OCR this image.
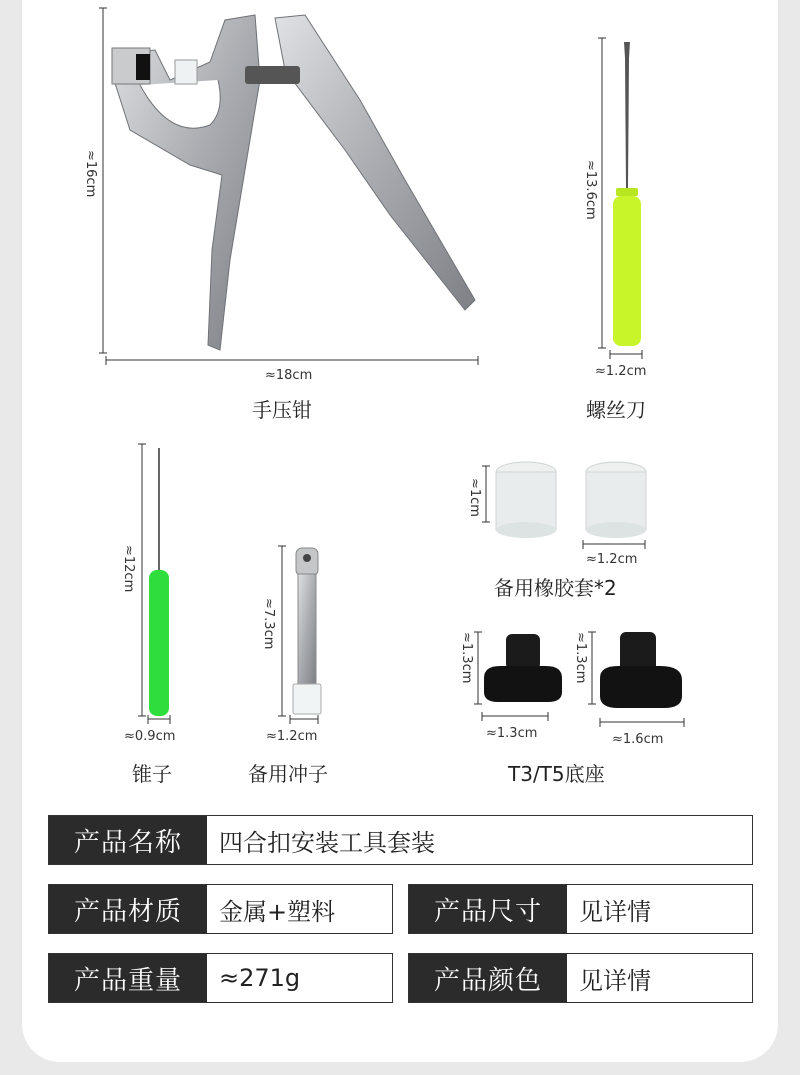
≈16cm
≈18cm
手压钳
≈13.6cm
≈1.2cm
螺丝刀
≈12cm
≈0.9cm
锥子
≈7.3cm
≈1.2cm
备用冲子
≈1cm
≈1.2cm
备用橡胶套*2
≈1.3cm	≈1.3cm
≈1.3cm	≈1.6cm
T3/T5底座
产品名称	四合扣安装工具套装
产品材质	金属+塑料	产品尺寸	见详情
产品重量	≈271g	产品颜色	见详情
